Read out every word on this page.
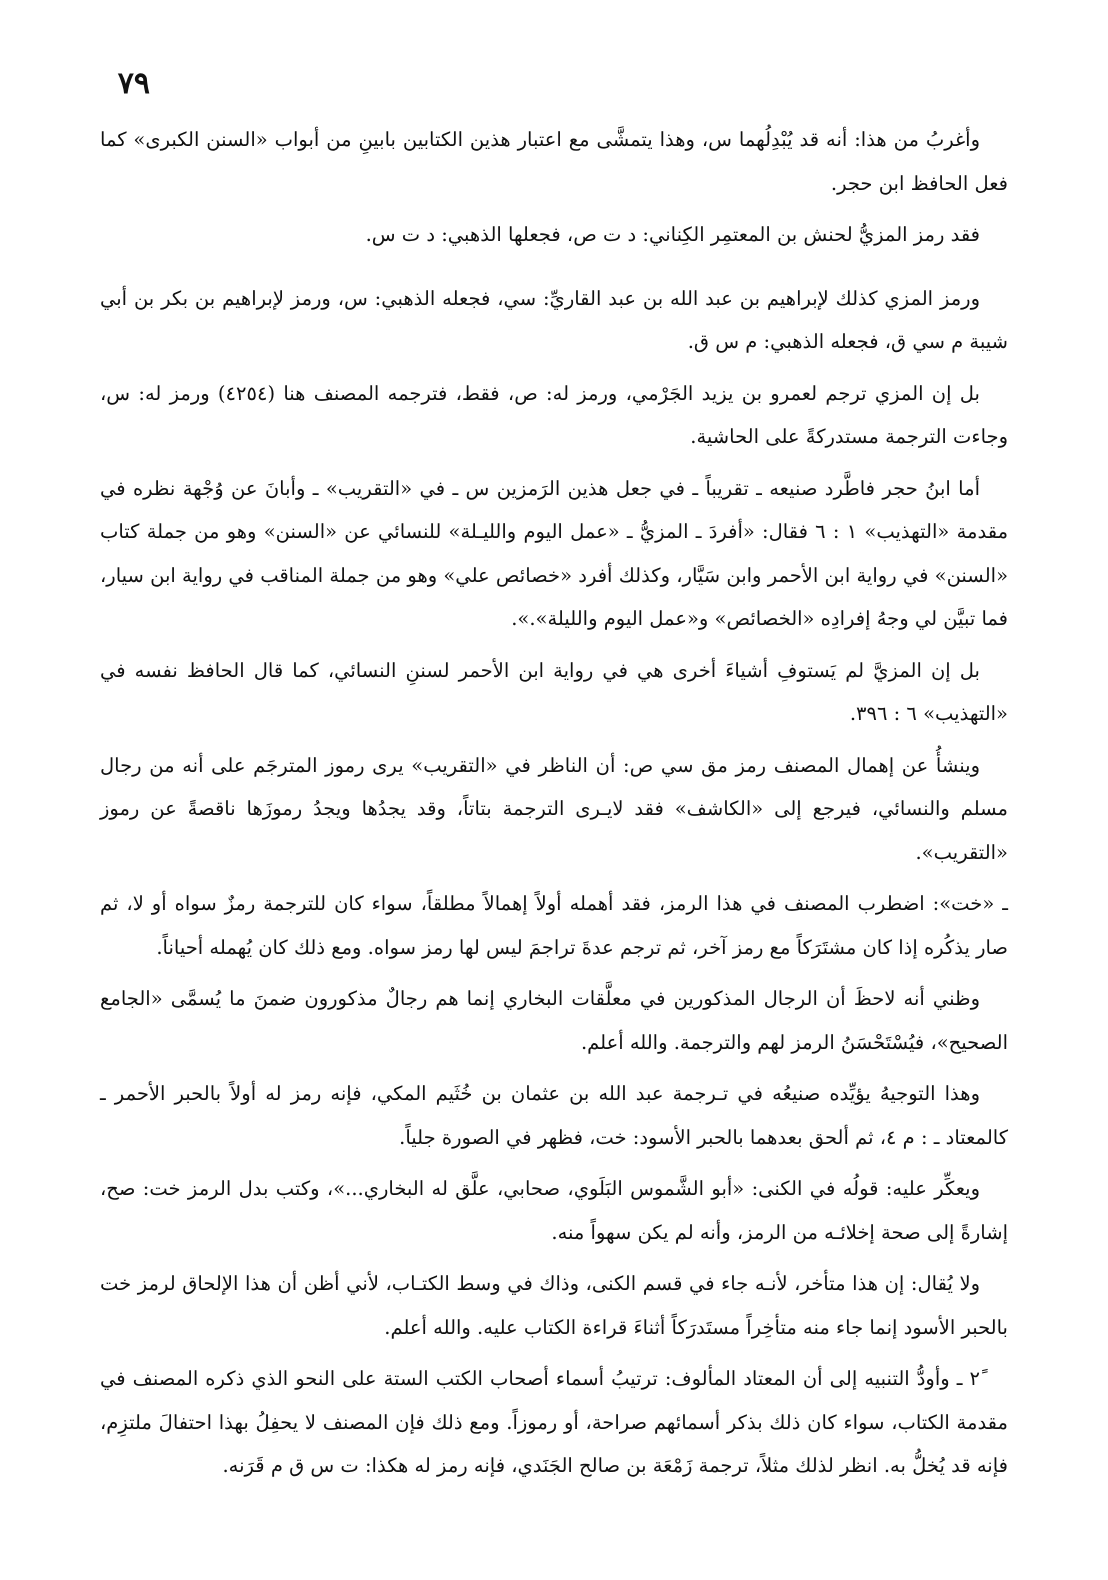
٧٩

وأغربُ من هذا: أنه قد يُبْدِلُهما س، وهذا يتمشَّى مع اعتبار هذين الكتابين بابينِ من أبواب «السنن الكبرى» كما فعل الحافظ ابن حجر.

فقد رمز المزيُّ لحنش بن المعتمِر الكِناني: د ت ص، فجعلها الذهبي: د ت س.

ورمز المزي كذلك لإبراهيم بن عبد الله بن عبد القاريِّ: سي، فجعله الذهبي: س، ورمز لإبراهيم بن بكر بن أبي شيبة م سي ق، فجعله الذهبي: م س ق.

بل إن المزي ترجم لعمرو بن يزيد الجَرْمي، ورمز له: ص، فقط، فترجمه المصنف هنا (٤٢٥٤) ورمز له: س، وجاءت الترجمة مستدركةً على الحاشية.

أما ابنُ حجر فاطَّرد صنيعه ـ تقريباً ـ في جعل هذين الرَمزين س ـ في «التقريب» ـ وأبانَ عن وُجْهة نظره في مقدمة «التهذيب» ١ : ٦ فقال: «أفردَ ـ المزيُّ ـ «عمل اليوم والليـلة» للنسائي عن «السنن» وهو من جملة كتاب «السنن» في رواية ابن الأحمر وابن سَيَّار، وكذلك أفرد «خصائص علي» وهو من جملة المناقب في رواية ابن سيار، فما تبيَّن لي وجهُ إفرادِه «الخصائص» و«عمل اليوم والليلة».».

بل إن المزيَّ لم يَستوفِ أشياءَ أخرى هي في رواية ابن الأحمر لسننِ النسائي، كما قال الحافظ نفسه في «التهذيب» ٦ : ٣٩٦.

وينشأُ عن إهمال المصنف رمز مق سي ص: أن الناظر في «التقريب» يرى رموز المترجَم على أنه من رجال مسلم والنسائي، فيرجع إلى «الكاشف» فقد لايـرى الترجمة بتاتاً، وقد يجدُها ويجدُ رموزَها ناقصةً عن رموز «التقريب».

ـ «خت»: اضطرب المصنف في هذا الرمز، فقد أهمله أولاً إهمالاً مطلقاً، سواء كان للترجمة رمزٌ سواه أو لا، ثم صار يذكُره إذا كان مشتَرَكاً مع رمز آخر، ثم ترجم عدةَ تراجمَ ليس لها رمز سواه. ومع ذلك كان يُهمله أحياناً.

وظني أنه لاحظَ أن الرجال المذكورين في معلَّقات البخاري إنما هم رجالٌ مذكورون ضمنَ ما يُسمَّى «الجامع الصحيح»، فيُسْتَحْسَنُ الرمز لهم والترجمة. والله أعلم.

وهذا التوجيهُ يؤيِّده صنيعُه في تـرجمة عبد الله بن عثمان بن خُثَيم المكي، فإنه رمز له أولاً بالحبر الأحمر ـ كالمعتاد ـ : م ٤، ثم ألحق بعدهما بالحبر الأسود: خت، فظهر في الصورة جلياً.

ويعكِّر عليه: قولُه في الكنى: «أبو الشَّموس البَلَوي، صحابي، علَّق له البخاري...»، وكتب بدل الرمز خت: صح، إشارةً إلى صحة إخلائـه من الرمز، وأنه لم يكن سهواً منه.

ولا يُقال: إن هذا متأخر، لأنـه جاء في قسم الكنى، وذاك في وسط الكتـاب، لأني أظن أن هذا الإلحاق لرمز خت بالحبر الأسود إنما جاء منه متأخِراً مستَدرَكاً أثناءَ قراءة الكتاب عليه. والله أعلم.

٢ً ـ وأودُّ التنبيه إلى أن المعتاد المألوف: ترتيبُ أسماء أصحاب الكتب الستة على النحو الذي ذكره المصنف في مقدمة الكتاب، سواء كان ذلك بذكر أسمائهم صراحة، أو رموزاً. ومع ذلك فإن المصنف لا يحفِلُ بهذا احتفالَ ملتزِم، فإنه قد يُخلُّ به. انظر لذلك مثلاً، ترجمة زَمْعَة بن صالح الجَنَدي، فإنه رمز له هكذا: ت س ق م قَرَنه.
